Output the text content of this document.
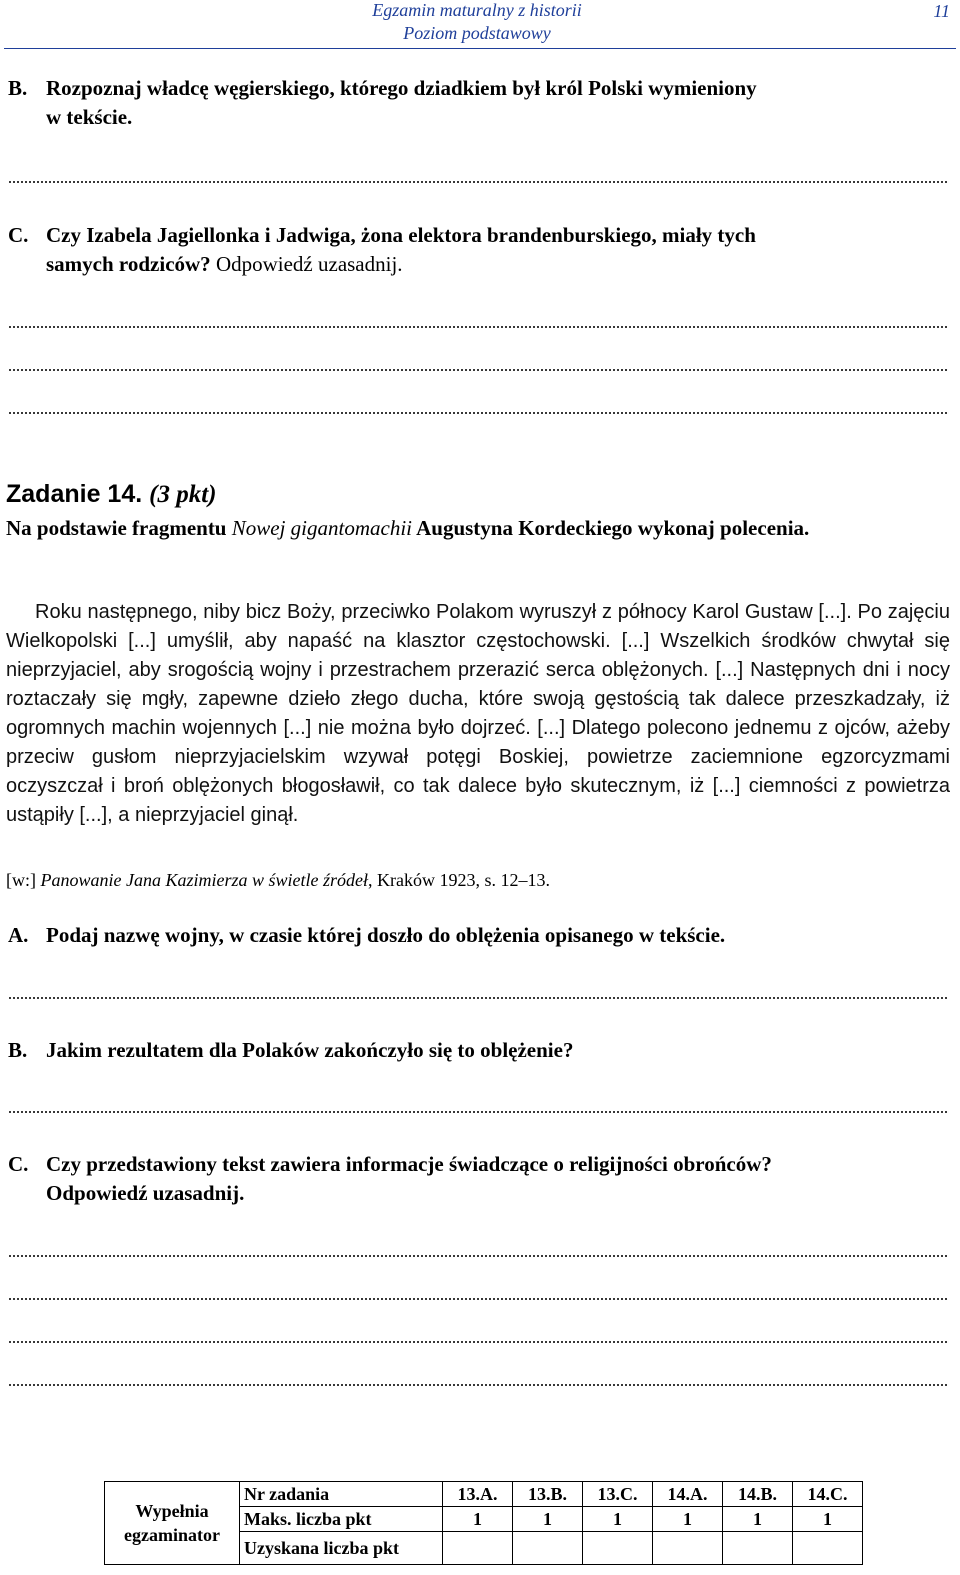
Egzamin maturalny z historii
Poziom podstawowy
11
B. Rozpoznaj władcę węgierskiego, którego dziadkiem był król Polski wymieniony
w tekście.
C. Czy Izabela Jagiellonka i Jadwiga, żona elektora brandenburskiego, miały tych
samych rodziców? Odpowiedź uzasadnij.
Zadanie 14. (3 pkt)
Na podstawie fragmentu Nowej gigantomachii Augustyna Kordeckiego wykonaj polecenia.
Roku następnego, niby bicz Boży, przeciwko Polakom wyruszył z północy Karol Gustaw [...]. Po zajęciu Wielkopolski [...] umyślił, aby napaść na klasztor częstochowski. [...] Wszelkich środków chwytał się nieprzyjaciel, aby srogością wojny i przestrachem przerazić serca oblężonych. [...] Następnych dni i nocy roztaczały się mgły, zapewne dzieło złego ducha, które swoją gęstością tak dalece przeszkadzały, iż ogromnych machin wojennych [...] nie można było dojrzeć. [...] Dlatego polecono jednemu z ojców, ażeby przeciw gusłom nieprzyjacielskim wzywał potęgi Boskiej, powietrze zaciemnione egzorcyzmami oczyszczał i broń oblężonych błogosławił, co tak dalece było skutecznym, iż [...] ciemności z powietrza ustąpiły [...], a nieprzyjaciel ginął.
[w:] Panowanie Jana Kazimierza w świetle źródeł, Kraków 1923, s. 12–13.
A. Podaj nazwę wojny, w czasie której doszło do oblężenia opisanego w tekście.
B. Jakim rezultatem dla Polaków zakończyło się to oblężenie?
C. Czy przedstawiony tekst zawiera informacje świadczące o religijności obrońców?
Odpowiedź uzasadnij.
Wypełnia
egzaminator	Nr zadania	13.A.	13.B.	13.C.	14.A.	14.B.	14.C.
	Maks. liczba pkt	1	1	1	1	1	1
	Uzyskana liczba pkt						
